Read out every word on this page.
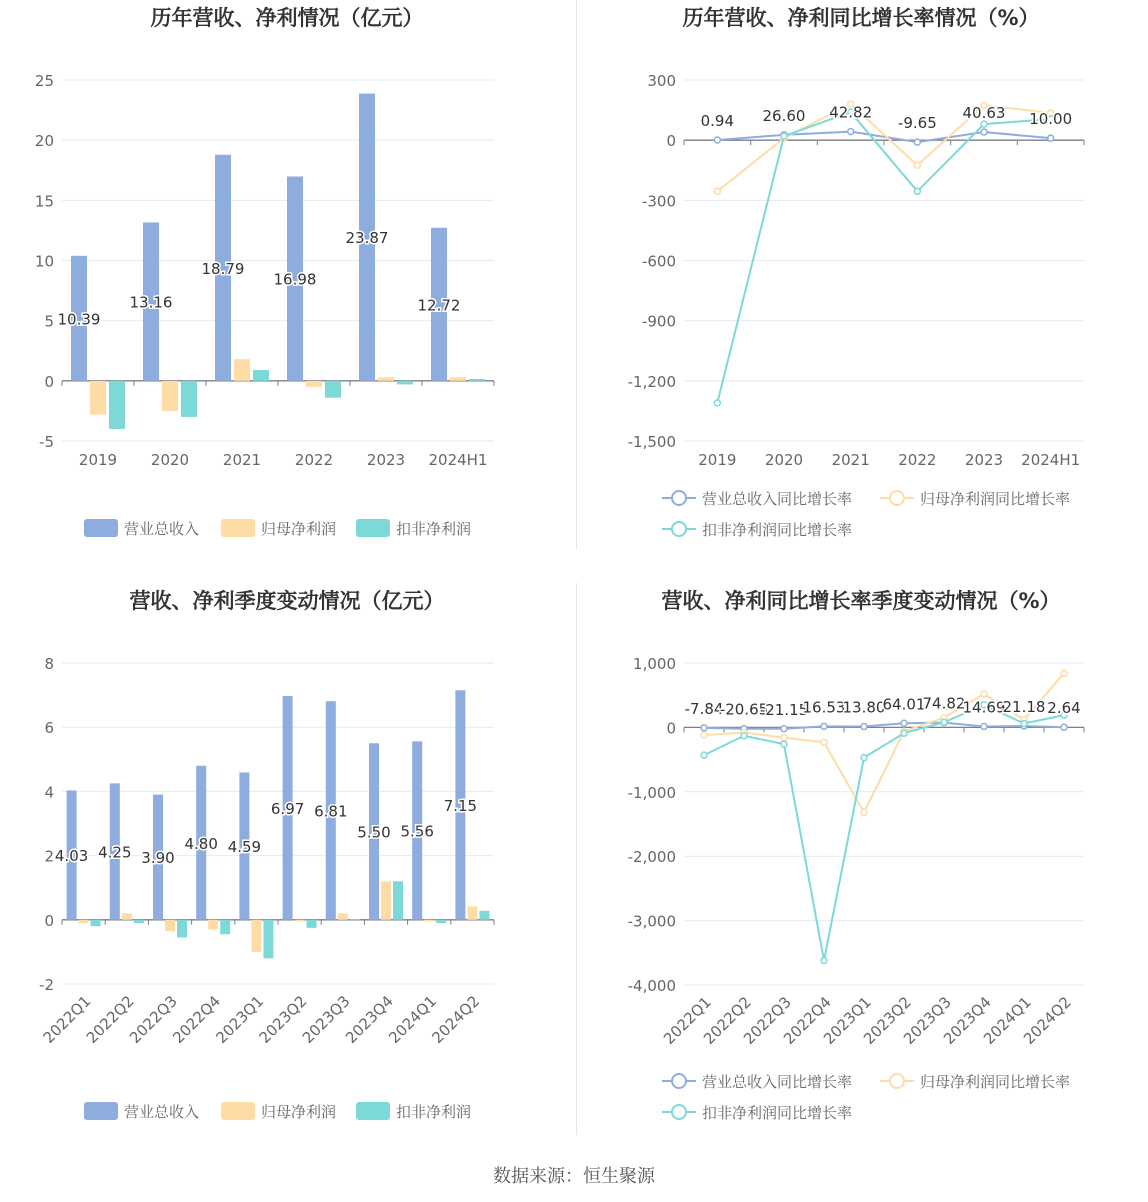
历年营收、净利情况（亿元）
-5
0
5
10
15
20
25
2019 2020 2021 2022 2023 2024H1
10.39
13.16
18.79
16.98
23.87
12.72
营业总收入	归母净利润	扣非净利润
历年营收、净利同比增长率情况（%）
-1,500
-1,200
-900
-600
-300
0
300
2019 2020 2021 2022 2023 2024H1
0.94 26.60 42.82
-9.65
40.63 10.00
营业总收入同比增长率	归母净利润同比增长率
扣非净利润同比增长率
营收、净利季度变动情况（亿元）
-2
0
2
4
6
8
2022Q1
2022Q2
2022Q3
2022Q4
2023Q1
2023Q2
2023Q3
2023Q4
2024Q1
2024Q2
4.03 4.25 3.90
4.80 4.59
6.97 6.81
5.50 5.56
7.15
营业总收入	归母净利润	扣非净利润
营收、净利同比增长率季度变动情况（%）
-4,000
-3,000
-2,000
-1,000
0
1,000
2022Q1
2022Q2
2022Q3
2022Q4
2023Q1
2023Q2
2023Q3
2023Q4
2024Q1
2024Q2
-7.84
-20.65
-21.15
16.53
13.80
64.01
74.82
14.69
21.18 2.64
营业总收入同比增长率	归母净利润同比增长率
扣非净利润同比增长率
数据来源：恒生聚源
